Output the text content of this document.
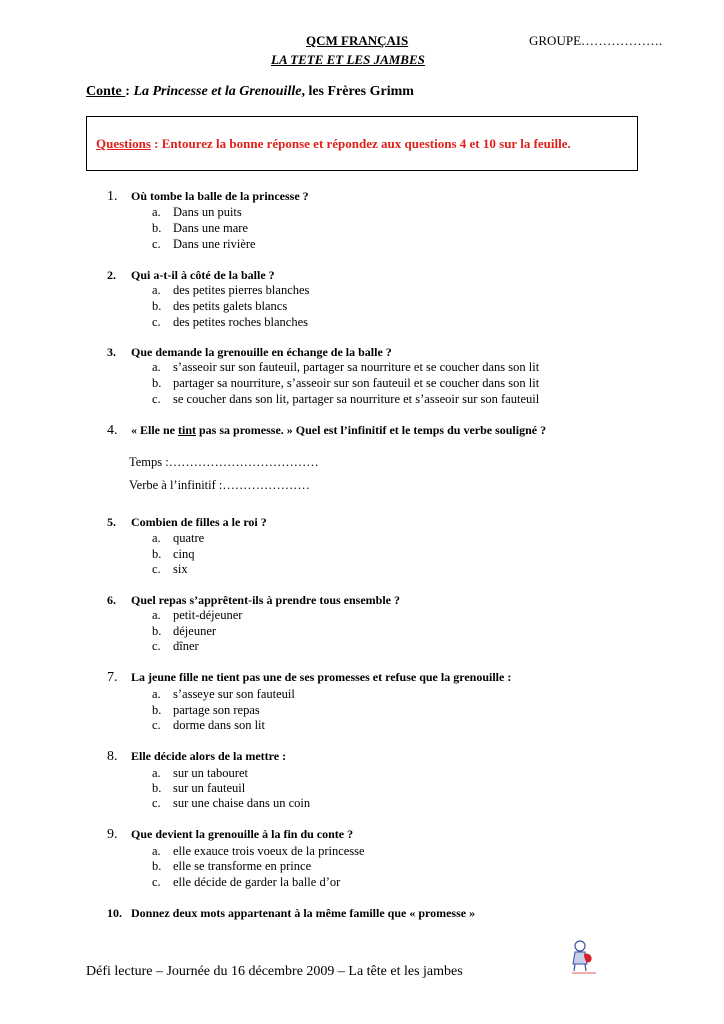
QCM FRANÇAIS	GROUPE……………….
LA TETE ET LES JAMBES
Conte : La Princesse et la Grenouille, les Frères Grimm
Questions : Entourez la bonne réponse et répondez aux questions 4 et 10 sur la feuille.
1. Où tombe la balle de la princesse ?
a. Dans un puits
b. Dans une mare
c. Dans une rivière
2. Qui a-t-il à côté de la balle ?
a. des petites pierres blanches
b. des petits galets blancs
c. des petites roches blanches
3. Que demande la grenouille en échange de la balle ?
a. s’asseoir sur son fauteuil, partager sa nourriture et se coucher dans son lit
b. partager sa nourriture, s’asseoir sur son fauteuil et se coucher dans son lit
c. se coucher dans son lit, partager sa nourriture et s’asseoir sur son fauteuil
4. « Elle ne tint pas sa promesse. » Quel est l’infinitif et le temps du verbe souligné ?
Temps :………………………………
Verbe à l’infinitif :…………………
5. Combien de filles a le roi ?
a. quatre
b. cinq
c. six
6. Quel repas s’apprêtent-ils à prendre tous ensemble ?
a. petit-déjeuner
b. déjeuner
c. dîner
7. La jeune fille ne tient pas une de ses promesses et refuse que la grenouille :
a. s’asseye sur son fauteuil
b. partage son repas
c. dorme dans son lit
8. Elle décide alors de la mettre :
a. sur un tabouret
b. sur un fauteuil
c. sur une chaise dans un coin
9. Que devient la grenouille à la fin du conte ?
a. elle exauce trois voeux de la princesse
b. elle se transforme en prince
c. elle décide de garder la balle d’or
10. Donnez deux mots appartenant à la même famille que « promesse »
Défi lecture – Journée du 16 décembre 2009 – La tête et les jambes
